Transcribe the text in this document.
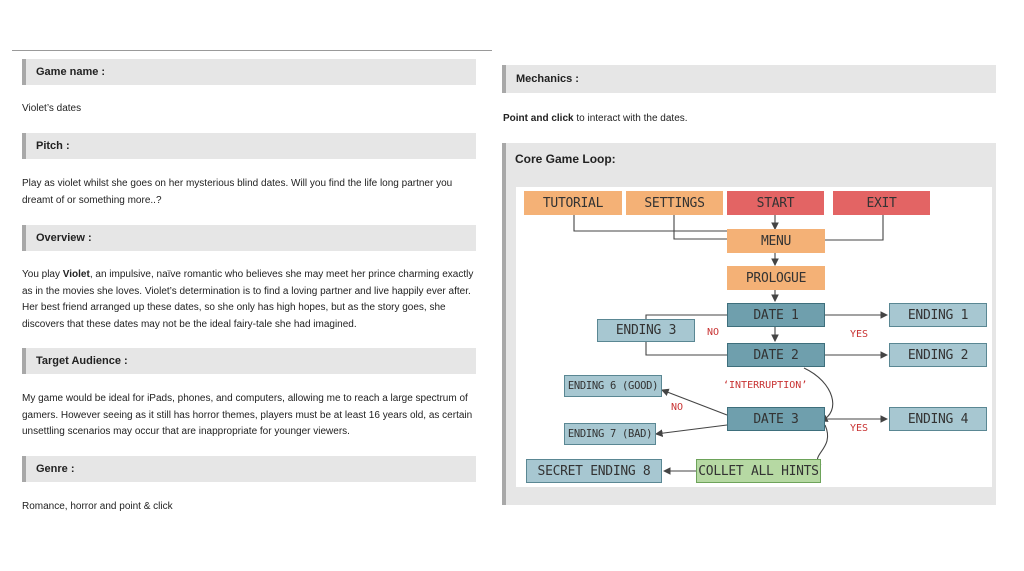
Game name :
Violet’s dates
Pitch :
Play as violet whilst she goes on her mysterious blind dates. Will you find the life long partner you
dreamt of or something more..?
Overview :
You play Violet, an impulsive, naïve romantic who believes she may meet her prince charming exactly
as in the movies she loves. Violet’s determination is to find a loving partner and live happily ever after.
Her best friend arranged up these dates, so she only has high hopes, but as the story goes, she
discovers that these dates may not be the ideal fairy-tale she had imagined.
Target Audience :
My game would be ideal for iPads, phones, and computers, allowing me to reach a large spectrum of
gamers. However seeing as it still has horror themes, players must be at least 16 years old, as certain
unsettling scenarios may occur that are inappropriate for younger viewers.
Genre :
Romance, horror and point & click
Mechanics :
Point and click to interact with the dates.
Core Game Loop:
TUTORIAL	SETTINGS	START	EXIT
MENU
PROLOGUE
DATE 1
DATE 2
DATE 3
ENDING 1
ENDING 2
ENDING 3
ENDING 4
ENDING 6 (GOOD)
ENDING 7 (BAD)
SECRET ENDING 8	COLLET ALL HINTS
NO	YES
‘INTERRUPTION’
NO
YES
